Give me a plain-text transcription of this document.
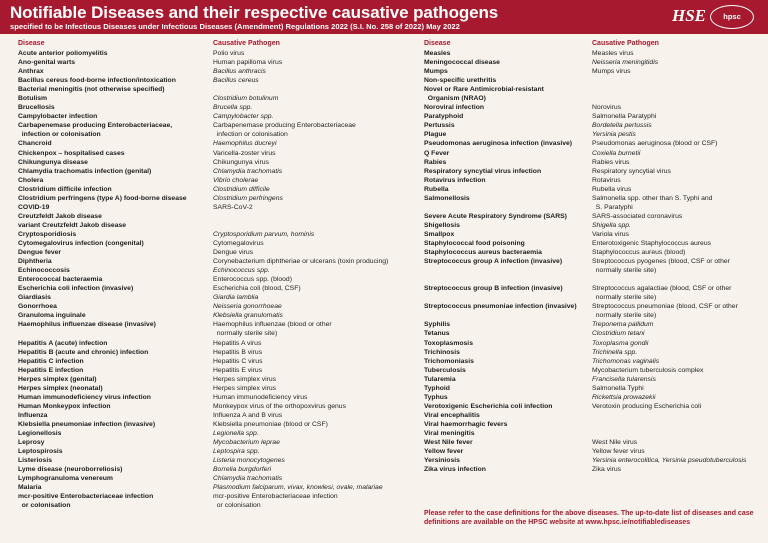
Notifiable Diseases and their respective causative pathogens
specified to be Infectious Diseases under Infectious Diseases (Amendment) Regulations 2022 (S.I. No. 258 of 2022) May 2022
HSE	hpsc
Disease	Causative Pathogen
Acute anterior poliomyelitis	Polio virus
Ano-genital warts	Human papilloma virus
Anthrax	Bacillus anthracis
Bacillus cereus food-borne infection/intoxication	Bacillus cereus
Bacterial meningitis (not otherwise specified)
Botulism	Clostridium botulinum
Brucellosis	Brucella spp.
Campylobacter infection	Campylobacter spp.
Carbapenemase producing Enterobacteriaceae,	Carbapenemase producing Enterobacteriaceae
infection or colonisation	infection or colonisation
Chancroid	Haemophilus ducreyi
Chickenpox – hospitalised cases	Varicella-zoster virus
Chikungunya disease	Chikungunya virus
Chlamydia trachomatis infection (genital)	Chlamydia trachomatis
Cholera	Vibrio cholerae
Clostridium difficile infection	Clostridium difficile
Clostridium perfringens (type A) food-borne disease	Clostridium perfringens
COVID-19	SARS-CoV-2
Creutzfeldt Jakob disease
variant Creutzfeldt Jakob disease
Cryptosporidiosis	Cryptosporidium parvum, hominis
Cytomegalovirus infection (congenital)	Cytomegalovirus
Dengue fever	Dengue virus
Diphtheria	Corynebacterium diphtheriae or ulcerans (toxin producing)
Echinococcosis	Echinococcus spp.
Enterococcal bacteraemia	Enterococcus spp. (blood)
Escherichia coli infection (invasive)	Escherichia coli (blood, CSF)
Giardiasis	Giardia lamblia
Gonorrhoea	Neisseria gonorrhoeae
Granuloma inguinale	Klebsiella granulomatis
Haemophilus influenzae disease (invasive)	Haemophilus influenzae (blood or other
normally sterile site)
Hepatitis A (acute) infection	Hepatitis A virus
Hepatitis B (acute and chronic) infection	Hepatitis B virus
Hepatitis C infection	Hepatitis C virus
Hepatitis E infection	Hepatitis E virus
Herpes simplex (genital)	Herpes simplex virus
Herpes simplex (neonatal)	Herpes simplex virus
Human immunodeficiency virus infection	Human immunodeficiency virus
Human Monkeypox infection	Monkeypox virus of the orthopoxvirus genus
Influenza	Influenza A and B virus
Klebsiella pneumoniae infection (invasive)	Klebsiella pneumoniae (blood or CSF)
Legionellosis	Legionella spp.
Leprosy	Mycobacterium leprae
Leptospirosis	Leptospira spp.
Listeriosis	Listeria monocytogenes
Lyme disease (neuroborreliosis)	Borrelia burgdorferi
Lymphogranuloma venereum	Chlamydia trachomatis
Malaria	Plasmodium falciparum, vivax, knowlesi, ovale, malariae
mcr-positive Enterobacteriaceae infection	mcr-positive Enterobacteriaceae infection
or colonisation	or colonisation
Disease	Causative Pathogen
Measles	Measles virus
Meningococcal disease	Neisseria meningitidis
Mumps	Mumps virus
Non-specific urethritis
Novel or Rare Antimicrobial-resistant
Organism (NRAO)
Noroviral infection	Norovirus
Paratyphoid	Salmonella Paratyphi
Pertussis	Bordetella pertussis
Plague	Yersinia pestis
Pseudomonas aeruginosa infection (invasive)	Pseudomonas aeruginosa (blood or CSF)
Q Fever	Coxiella burnetii
Rabies	Rabies virus
Respiratory syncytial virus infection	Respiratory syncytial virus
Rotavirus infection	Rotavirus
Rubella	Rubella virus
Salmonellosis	Salmonella spp. other than S. Typhi and
S. Paratyphi
Severe Acute Respiratory Syndrome (SARS)	SARS-associated coronavirus
Shigellosis	Shigella spp.
Smallpox	Variola virus
Staphylococcal food poisoning	Enterotoxigenic Staphylococcus aureus
Staphylococcus aureus bacteraemia	Staphylococcus aureus (blood)
Streptococcus group A infection (invasive)	Streptococcus pyogenes (blood, CSF or other
normally sterile site)
Streptococcus group B infection (invasive)	Streptococcus agalactiae (blood, CSF or other
normally sterile site)
Streptococcus pneumoniae infection (invasive)	Streptococcus pneumoniae (blood, CSF or other
normally sterile site)
Syphilis	Treponema pallidum
Tetanus	Clostridium tetani
Toxoplasmosis	Toxoplasma gondii
Trichinosis	Trichinella spp.
Trichomoniasis	Trichomonas vaginalis
Tuberculosis	Mycobacterium tuberculosis complex
Tularemia	Francisella tularensis
Typhoid	Salmonella Typhi
Typhus	Rickettsia prowazekii
Verotoxigenic Escherichia coli infection	Verotoxin producing Escherichia coli
Viral encephalitis
Viral haemorrhagic fevers
Viral meningitis
West Nile fever	West Nile virus
Yellow fever	Yellow fever virus
Yersiniosis	Yersinia enterocolitica, Yersinia pseudotuberculosis
Zika virus infection	Zika virus
Please refer to the case definitions for the above diseases. The up-to-date list of diseases and case definitions are available on the HPSC website at www.hpsc.ie/notifiablediseases
